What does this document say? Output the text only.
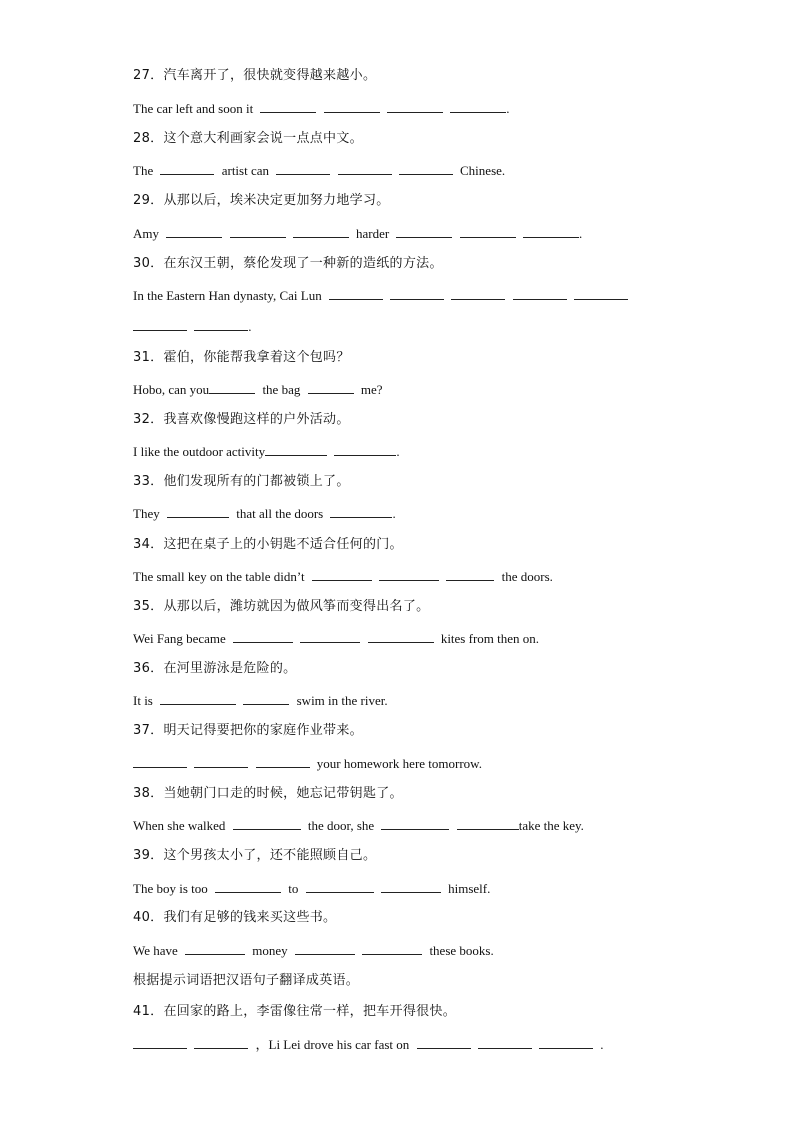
27．汽车离开了，很快就变得越来越小。
The car left and soon it	.
28．这个意大利画家会说一点点中文。
The	artist can	Chinese.
29．从那以后，埃米决定更加努力地学习。
Amy	harder	.
30．在东汉王朝，蔡伦发现了一种新的造纸的方法。
In the Eastern Han dynasty, Cai Lun
.
31．霍伯，你能帮我拿着这个包吗？
Hobo, can you	the bag	me?
32．我喜欢像慢跑这样的户外活动。
I like the outdoor activity	.
33．他们发现所有的门都被锁上了。
They	that all the doors	.
34．这把在桌子上的小钥匙不适合任何的门。
The small key on the table didn’t	the doors.
35．从那以后，潍坊就因为做风筝而变得出名了。
Wei Fang became	kites from then on.
36．在河里游泳是危险的。
It is	swim in the river.
37．明天记得要把你的家庭作业带来。
your homework here tomorrow.
38．当她朝门口走的时候，她忘记带钥匙了。
When she walked	the door, she	take the key.
39．这个男孩太小了，还不能照顾自己。
The boy is too	to	himself.
40．我们有足够的钱来买这些书。
We have	money	these books.
根据提示词语把汉语句子翻译成英语。
41．在回家的路上，李雷像往常一样，把车开得很快。
，Li Lei drove his car fast on	.
